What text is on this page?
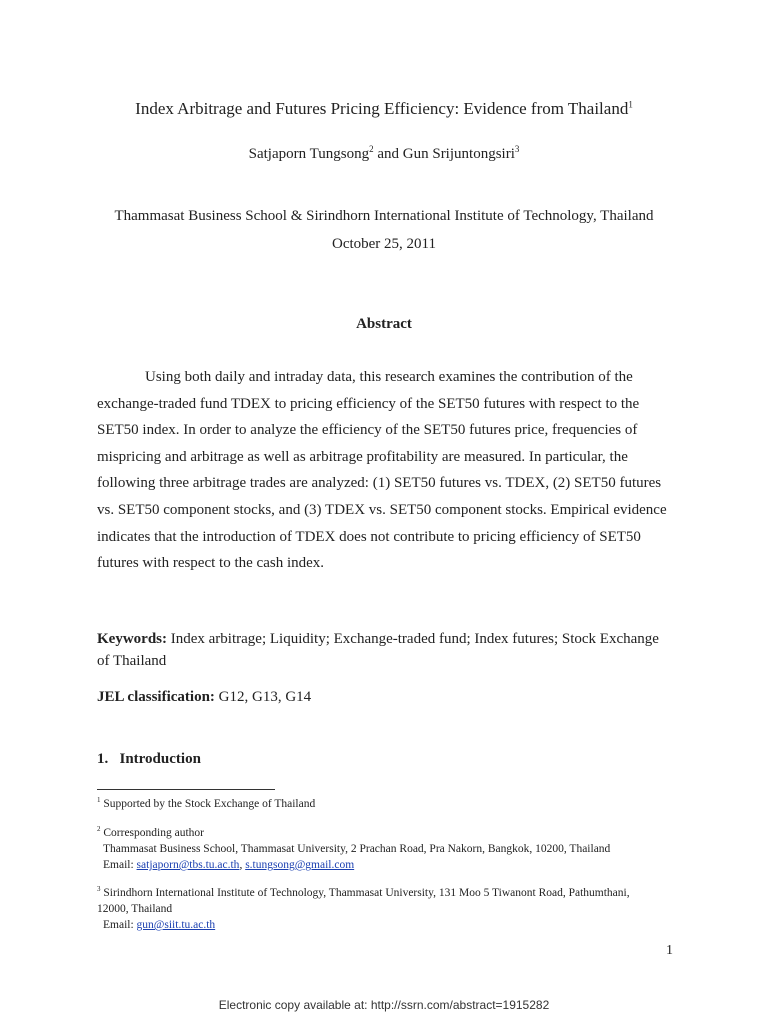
Index Arbitrage and Futures Pricing Efficiency: Evidence from Thailand$^1$
Satjaporn Tungsong$^2$ and Gun Srijuntongsiri$^3$
Thammasat Business School & Sirindhorn International Institute of Technology, Thailand
October 25, 2011
Abstract
Using both daily and intraday data, this research examines the contribution of the
exchange-traded fund TDEX to pricing efficiency of the SET50 futures with respect to the
SET50 index. In order to analyze the efficiency of the SET50 futures price, frequencies of
mispricing and arbitrage as well as arbitrage profitability are measured. In particular, the
following three arbitrage trades are analyzed: (1) SET50 futures vs. TDEX, (2) SET50 futures
vs. SET50 component stocks, and (3) TDEX vs. SET50 component stocks. Empirical evidence
indicates that the introduction of TDEX does not contribute to pricing efficiency of SET50
futures with respect to the cash index.
Keywords: Index arbitrage; Liquidity; Exchange-traded fund; Index futures; Stock Exchange of Thailand
JEL classification: G12, G13, G14
1. Introduction
$^1$ Supported by the Stock Exchange of Thailand
$^2$ Corresponding author
Thammasat Business School, Thammasat University, 2 Prachan Road, Pra Nakorn, Bangkok, 10200, Thailand
Email: satjaporn@tbs.tu.ac.th, s.tungsong@gmail.com
$^3$ Sirindhorn International Institute of Technology, Thammasat University, 131 Moo 5 Tiwanont Road, Pathumthani,
12000, Thailand
Email: gun@siit.tu.ac.th
1
Electronic copy available at: http://ssrn.com/abstract=1915282
